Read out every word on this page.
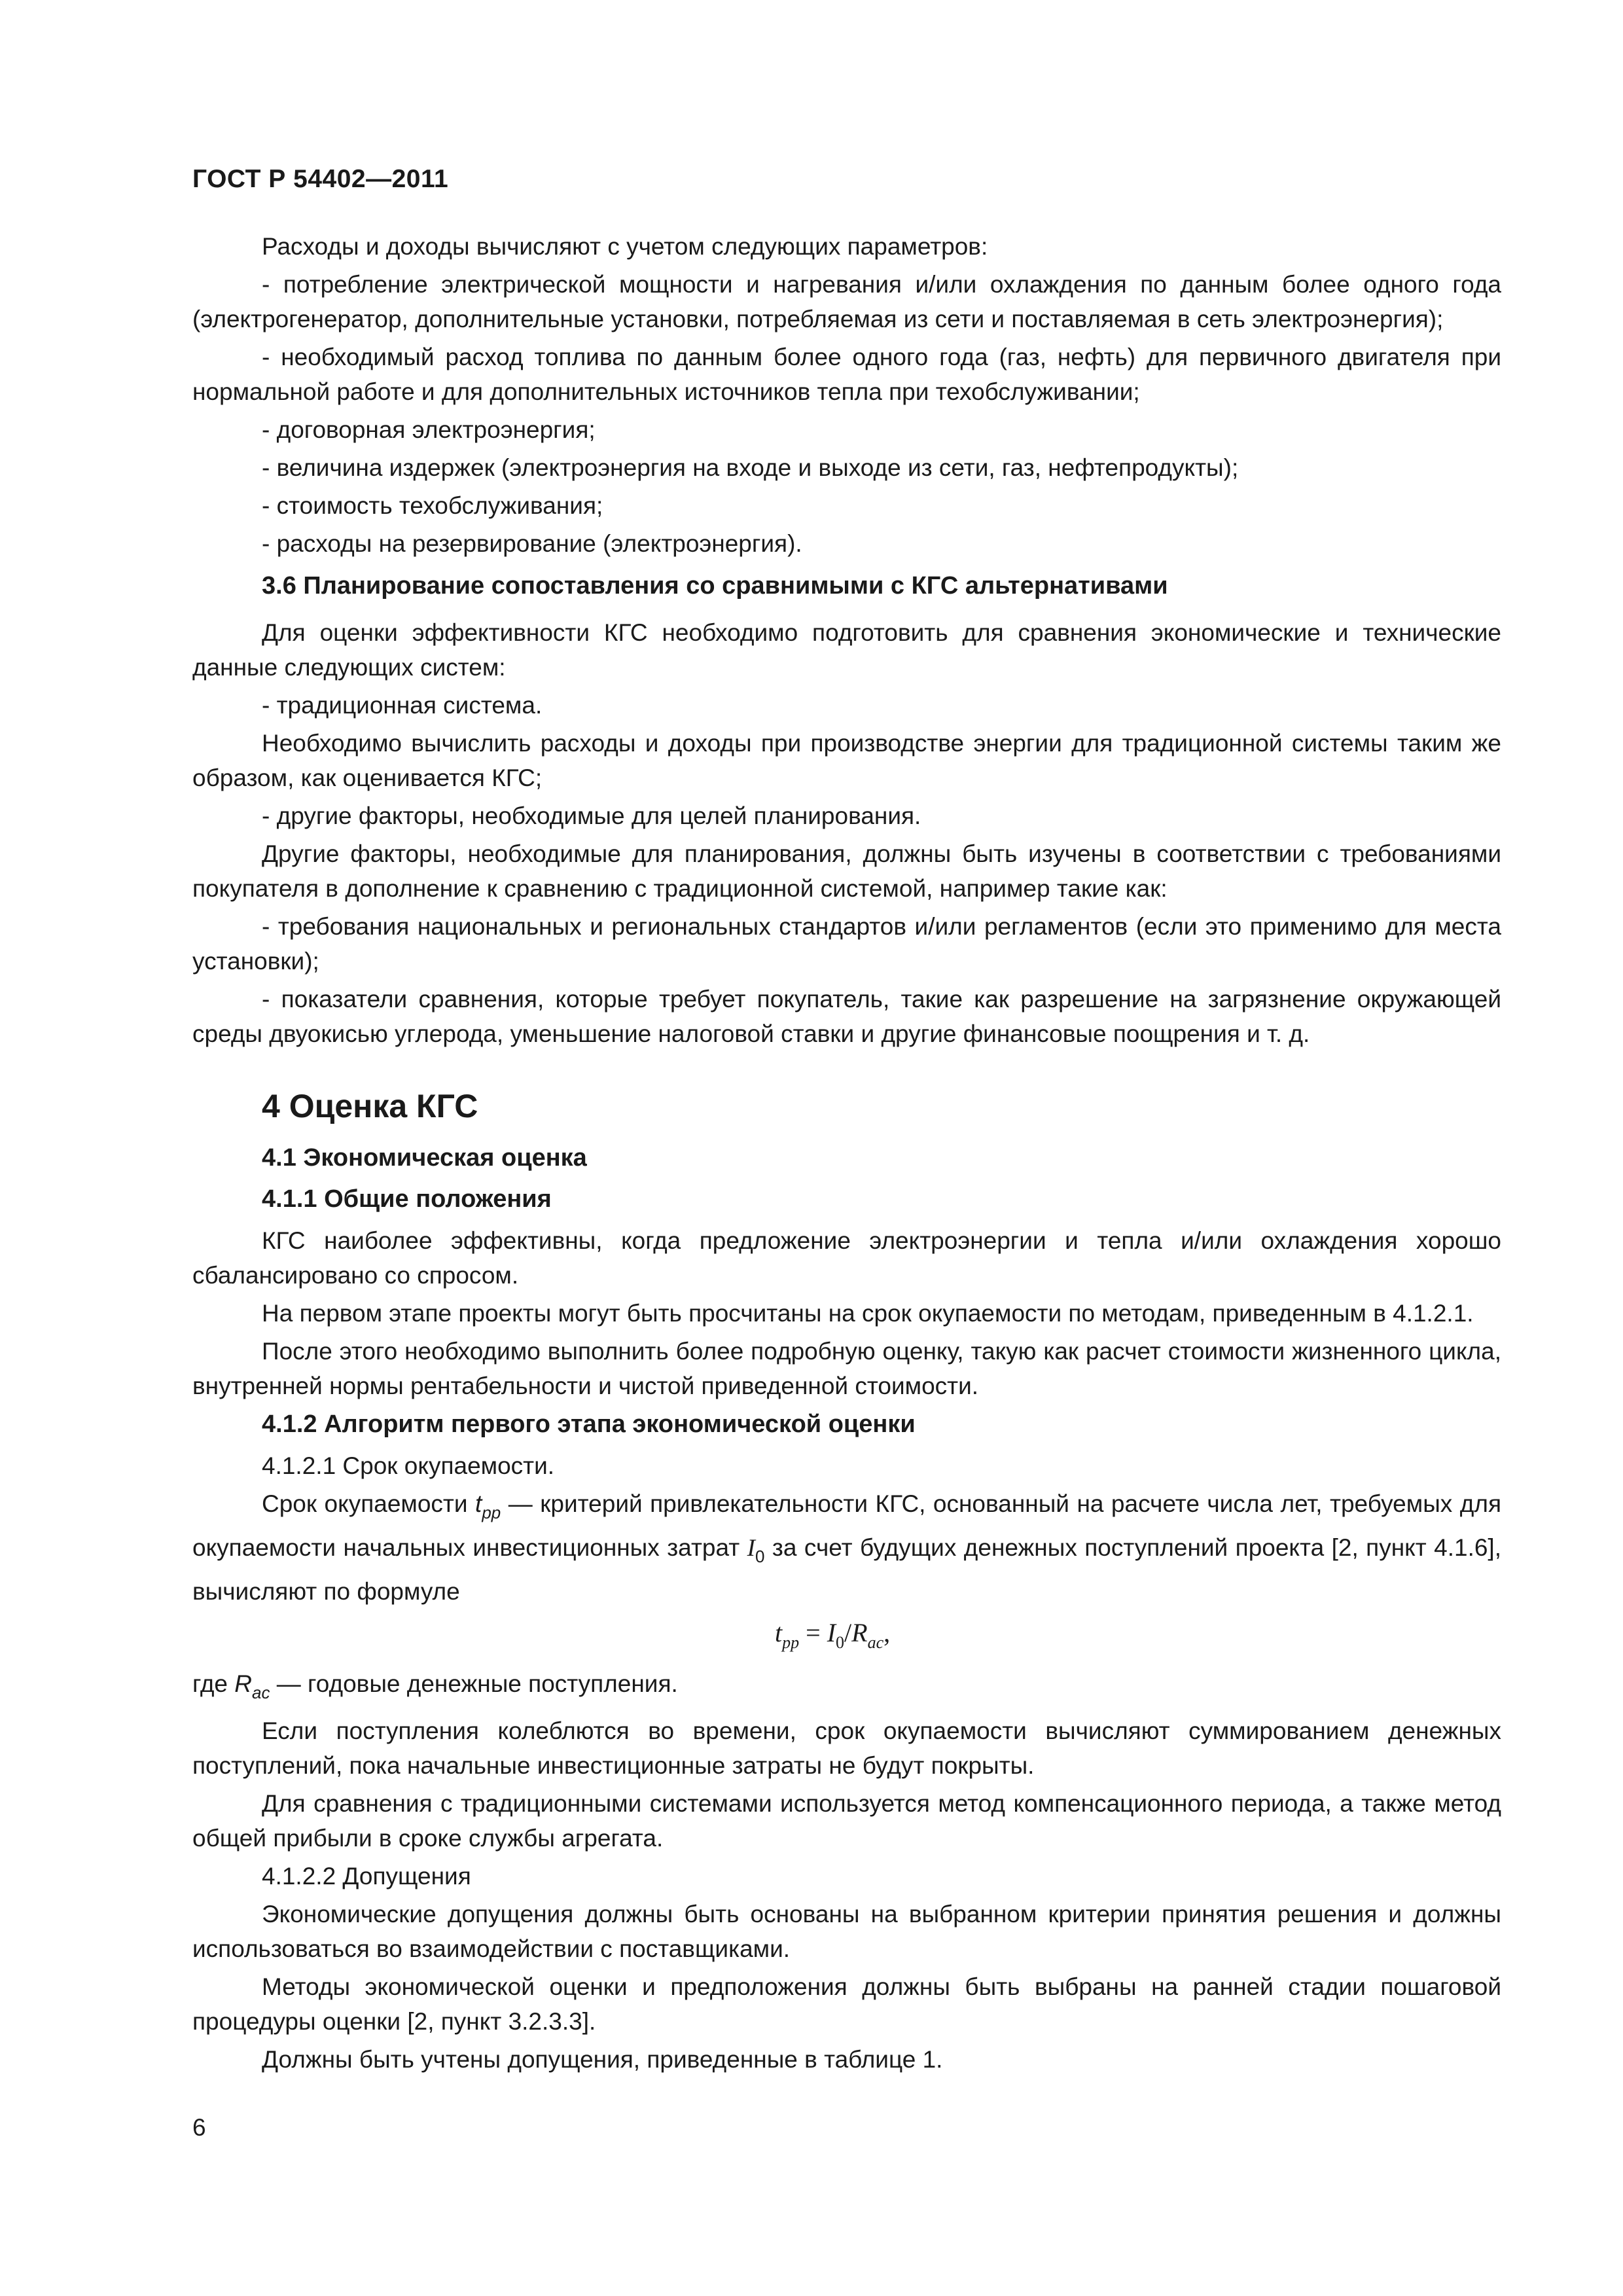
ГОСТ Р 54402—2011

Расходы и доходы вычисляют с учетом следующих параметров:

- потребление электрической мощности и нагревания и/или охлаждения по данным более одного года (электрогенератор, дополнительные установки, потребляемая из сети и поставляемая в сеть электроэнергия);

- необходимый расход топлива по данным более одного года (газ, нефть) для первичного двигателя при нормальной работе и для дополнительных источников тепла при техобслуживании;

- договорная электроэнергия;

- величина издержек (электроэнергия на входе и выходе из сети, газ, нефтепродукты);

- стоимость техобслуживания;

- расходы на резервирование (электроэнергия).

3.6 Планирование сопоставления со сравнимыми с КГС альтернативами

Для оценки эффективности КГС необходимо подготовить для сравнения экономические и технические данные следующих систем:

- традиционная система.

Необходимо вычислить расходы и доходы при производстве энергии для традиционной системы таким же образом, как оценивается КГС;

- другие факторы, необходимые для целей планирования.

Другие факторы, необходимые для планирования, должны быть изучены в соответствии с требованиями покупателя в дополнение к сравнению с традиционной системой, например такие как:

- требования национальных и региональных стандартов и/или регламентов (если это применимо для места установки);

- показатели сравнения, которые требует покупатель, такие как разрешение на загрязнение окружающей среды двуокисью углерода, уменьшение налоговой ставки и другие финансовые поощрения и т. д.

4 Оценка КГС
4.1 Экономическая оценка
4.1.1 Общие положения

КГС наиболее эффективны, когда предложение электроэнергии и тепла и/или охлаждения хорошо сбалансировано со спросом.

На первом этапе проекты могут быть просчитаны на срок окупаемости по методам, приведенным в 4.1.2.1.

После этого необходимо выполнить более подробную оценку, такую как расчет стоимости жизненного цикла, внутренней нормы рентабельности и чистой приведенной стоимости.

4.1.2 Алгоритм первого этапа экономической оценки

4.1.2.1 Срок окупаемости.

Срок окупаемости $t_{pp}$ — критерий привлекательности КГС, основанный на расчете числа лет, требуемых для окупаемости начальных инвестиционных затрат $I_0$ за счет будущих денежных поступлений проекта [2, пункт 4.1.6], вычисляют по формуле

$t_{pp} = I_0/R_{ac}$,

где $R_{ac}$ — годовые денежные поступления.

Если поступления колеблются во времени, срок окупаемости вычисляют суммированием денежных поступлений, пока начальные инвестиционные затраты не будут покрыты.

Для сравнения с традиционными системами используется метод компенсационного периода, а также метод общей прибыли в сроке службы агрегата.

4.1.2.2 Допущения

Экономические допущения должны быть основаны на выбранном критерии принятия решения и должны использоваться во взаимодействии с поставщиками.

Методы экономической оценки и предположения должны быть выбраны на ранней стадии пошаговой процедуры оценки [2, пункт 3.2.3.3].

Должны быть учтены допущения, приведенные в таблице 1.

6
